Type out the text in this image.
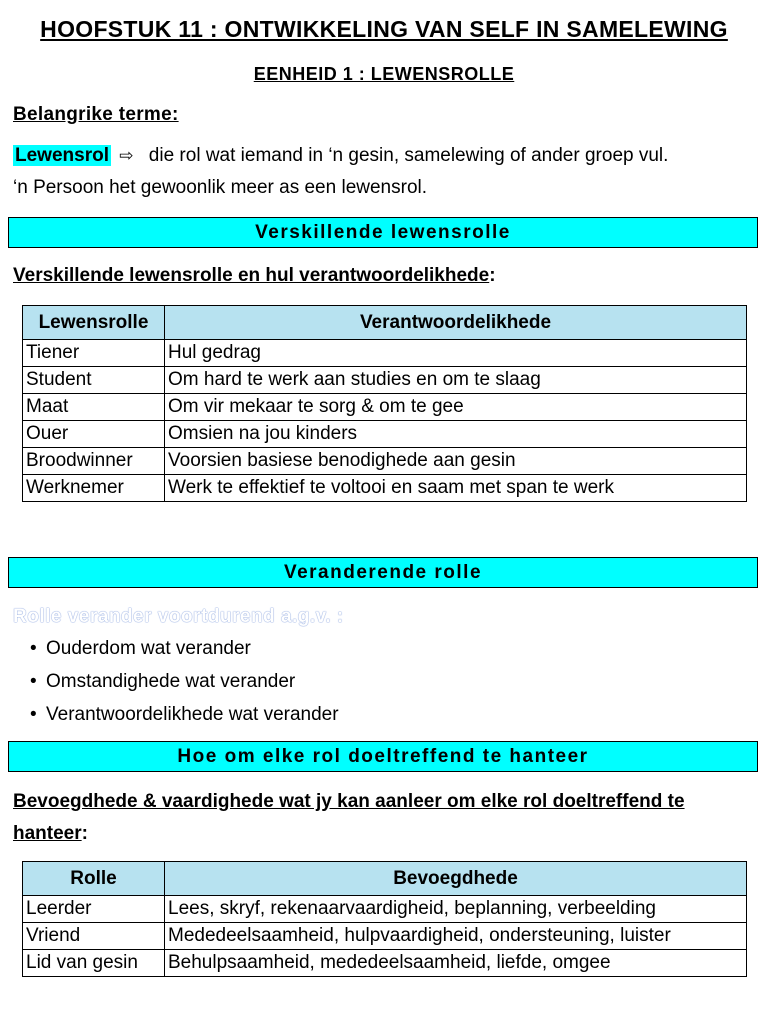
HOOFSTUK 11 : ONTWIKKELING VAN SELF IN SAMELEWING
EENHEID 1 : LEWENSROLLE
Belangrike terme:
Lewensrol ⇨ die rol wat iemand in ‘n gesin, samelewing of ander groep vul.
‘n Persoon het gewoonlik meer as een lewensrol.
Verskillende lewensrolle
Verskillende lewensrolle en hul verantwoordelikhede:
Lewensrolle	Verantwoordelikhede
Tiener	Hul gedrag
Student	Om hard te werk aan studies en om te slaag
Maat	Om vir mekaar te sorg & om te gee
Ouer	Omsien na jou kinders
Broodwinner	Voorsien basiese benodighede aan gesin
Werknemer	Werk te effektief te voltooi en saam met span te werk
Veranderende rolle
Rolle verander voortdurend a.g.v. :
• Ouderdom wat verander
• Omstandighede wat verander
• Verantwoordelikhede wat verander
Hoe om elke rol doeltreffend te hanteer
Bevoegdhede & vaardighede wat jy kan aanleer om elke rol doeltreffend te
hanteer:
Rolle	Bevoegdhede
Leerder	Lees, skryf, rekenaarvaardigheid, beplanning, verbeelding
Vriend	Mededeelsaamheid, hulpvaardigheid, ondersteuning, luister
Lid van gesin	Behulpsaamheid, mededeelsaamheid, liefde, omgee
